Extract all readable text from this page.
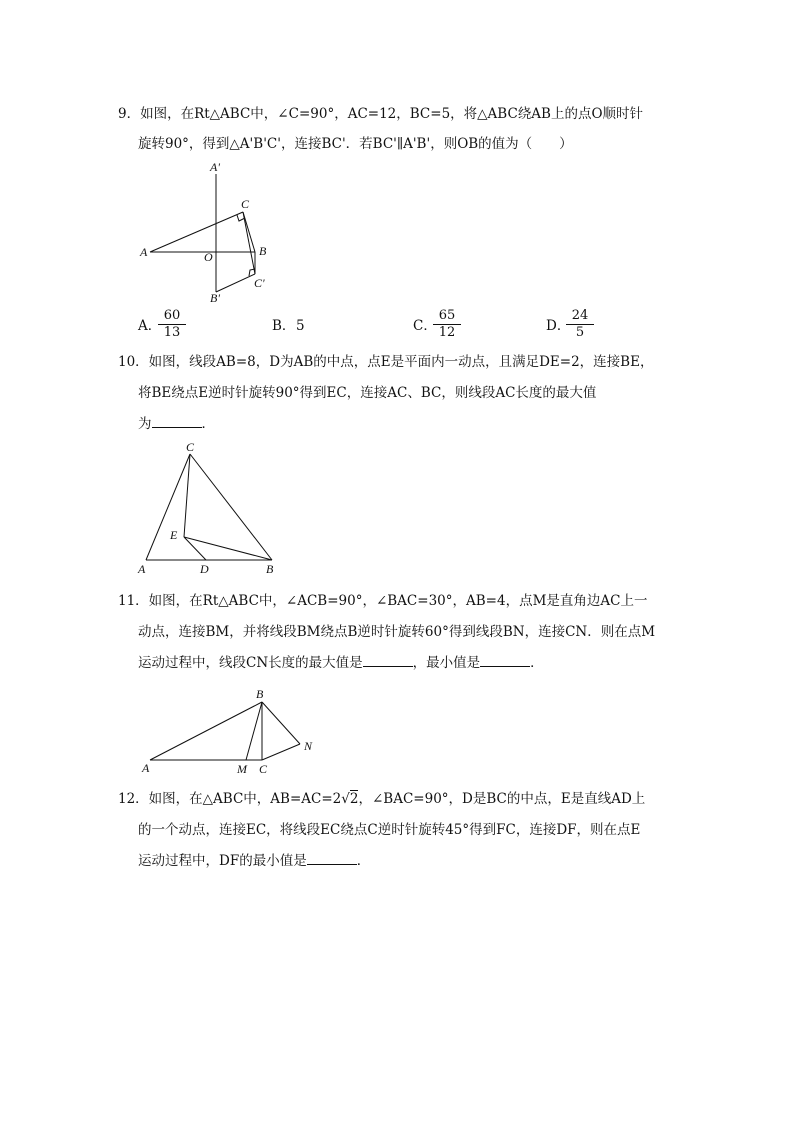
9．如图，在Rt△ABC中，∠C=90°，AC=12，BC=5，将△ABC绕AB上的点O顺时针
旋转90°，得到△A'B'C'，连接BC'．若BC'∥A'B'，则OB的值为（　　）
A'
C
A	B
O
C'
B'
A．
$\frac{60}{13}$	B． 5	C．
$\frac{65}{12}$	D．
$\frac{24}{5}$
10．如图，线段AB=8，D为AB的中点，点E是平面内一动点，且满足DE=2，连接BE，
将BE绕点E逆时针旋转90°得到EC，连接AC、BC，则线段AC长度的最大值
为	．
C
E
A	D	B
11．如图，在Rt△ABC中，∠ACB=90°，∠BAC=30°，AB=4，点M是直角边AC上一
动点，连接BM，并将线段BM绕点B逆时针旋转60°得到线段BN，连接CN．则在点M
运动过程中，线段CN长度的最大值是	，最小值是	．
B
N
A	M C
12．如图，在△ABC中，AB=AC=2√2，∠BAC=90°，D是BC的中点，E是直线AD上
的一个动点，连接EC，将线段EC绕点C逆时针旋转45°得到FC，连接DF，则在点E
运动过程中，DF的最小值是	．
